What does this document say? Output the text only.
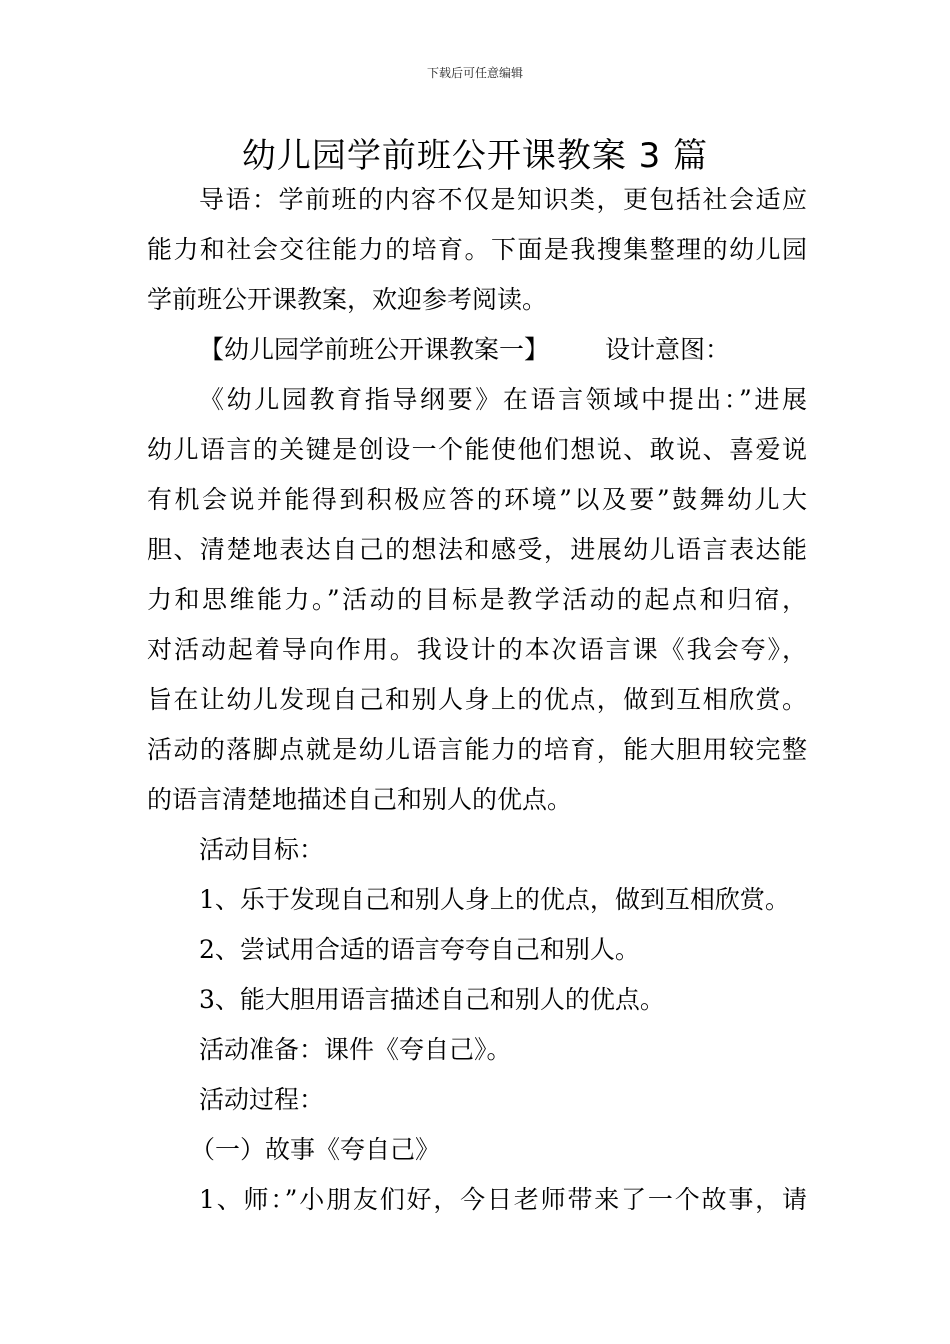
下载后可任意编辑
幼儿园学前班公开课教案 3 篇
导语：学前班的内容不仅是知识类，更包括社会适应
能力和社会交往能力的培育。下面是我搜集整理的幼儿园
学前班公开课教案，欢迎参考阅读。
【幼儿园学前班公开课教案一】 设计意图：
《幼儿园教育指导纲要》在语言领域中提出：”进展
幼儿语言的关键是创设一个能使他们想说、敢说、喜爱说
有机会说并能得到积极应答的环境”以及要”鼓舞幼儿大
胆、清楚地表达自己的想法和感受，进展幼儿语言表达能
力和思维能力。”活动的目标是教学活动的起点和归宿，
对活动起着导向作用。我设计的本次语言课《我会夸》，
旨在让幼儿发现自己和别人身上的优点，做到互相欣赏。
活动的落脚点就是幼儿语言能力的培育，能大胆用较完整
的语言清楚地描述自己和别人的优点。
活动目标：
1、乐于发现自己和别人身上的优点，做到互相欣赏。
2、尝试用合适的语言夸夸自己和别人。
3、能大胆用语言描述自己和别人的优点。
活动准备：课件《夸自己》。
活动过程：
（一）故事《夸自己》
1、师：”小朋友们好，今日老师带来了一个故事，请
